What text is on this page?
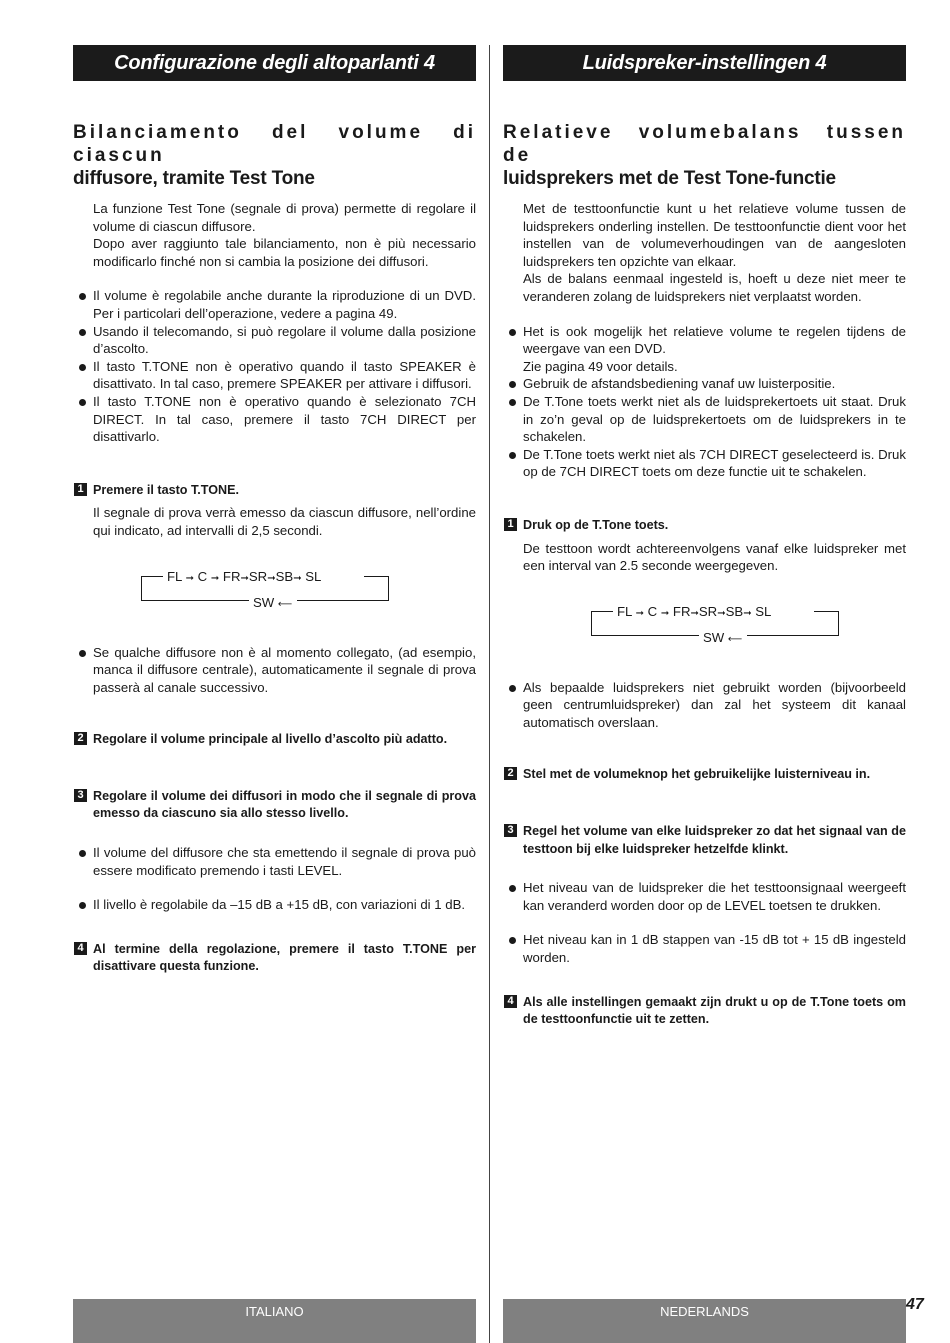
Configurazione degli altoparlanti 4
Bilanciamento del volume di ciascun
diffusore, tramite Test Tone

La funzione Test Tone (segnale di prova) permette di regolare il volume di ciascun diffusore.
Dopo aver raggiunto tale bilanciamento, non è più necessario modificarlo finché non si cambia la posizione dei diffusori.

Il volume è regolabile anche durante la riproduzione di un DVD. Per i particolari dell’operazione, vedere a pagina 49.
Usando il telecomando, si può regolare il volume dalla posizione d’ascolto.
Il tasto T.TONE non è operativo quando il tasto SPEAKER è disattivato. In tal caso, premere SPEAKER per attivare i diffusori.
Il tasto T.TONE non è operativo quando è selezionato 7CH DIRECT. In tal caso, premere il tasto 7CH DIRECT per disattivarlo.
1 Premere il tasto T.TONE.
Il segnale di prova verrà emesso da ciascun diffusore, nell’ordine qui indicato, ad intervalli di 2,5 secondi.
FL ➞ C ➞ FR➞SR➞SB➞ SL
SW ⟵
Se qualche diffusore non è al momento collegato, (ad esempio, manca il diffusore centrale), automaticamente il segnale di prova passerà al canale successivo.
2 Regolare il volume principale al livello d’ascolto più adatto.
3 Regolare il volume dei diffusori in modo che il segnale di prova emesso da ciascuno sia allo stesso livello.
Il volume del diffusore che sta emettendo il segnale di prova può essere modificato premendo i tasti LEVEL.
Il livello è regolabile da –15 dB a +15 dB, con variazioni di 1 dB.
4 Al termine della regolazione, premere il tasto T.TONE per disattivare questa funzione.
Luidspreker-instellingen 4
Relatieve volumebalans tussen de
luidsprekers met de Test Tone-functie

Met de testtoonfunctie kunt u het relatieve volume tussen de luidsprekers onderling instellen. De testtoonfunctie dient voor het instellen van de volumeverhoudingen van de aangesloten luidsprekers ten opzichte van elkaar.
Als de balans eenmaal ingesteld is, hoeft u deze niet meer te veranderen zolang de luidsprekers niet verplaatst worden.

Het is ook mogelijk het relatieve volume te regelen tijdens de weergave van een DVD.
Zie pagina 49 voor details.
Gebruik de afstandsbediening vanaf uw luisterpositie.
De T.Tone toets werkt niet als de luidsprekertoets uit staat. Druk in zo’n geval op de luidsprekertoets om de luidsprekers in te schakelen.
De T.Tone toets werkt niet als 7CH DIRECT geselecteerd is. Druk op de 7CH DIRECT toets om deze functie uit te schakelen.
1 Druk op de T.Tone toets.
De testtoon wordt achtereenvolgens vanaf elke luidspreker met een interval van 2.5 seconde weergegeven.
FL ➞ C ➞ FR➞SR➞SB➞ SL
SW ⟵
Als bepaalde luidsprekers niet gebruikt worden (bijvoorbeeld geen centrumluidspreker) dan zal het systeem dit kanaal automatisch overslaan.
2 Stel met de volumeknop het gebruikelijke luisterniveau in.
3 Regel het volume van elke luidspreker zo dat het signaal van de testtoon bij elke luidspreker hetzelfde klinkt.
Het niveau van de luidspreker die het testtoonsignaal weergeeft kan veranderd worden door op de LEVEL toetsen te drukken.
Het niveau kan in 1 dB stappen van -15 dB tot + 15 dB ingesteld worden.
4 Als alle instellingen gemaakt zijn drukt u op de T.Tone toets om de testtoonfunctie uit te zetten.
ITALIANO	NEDERLANDS	47
